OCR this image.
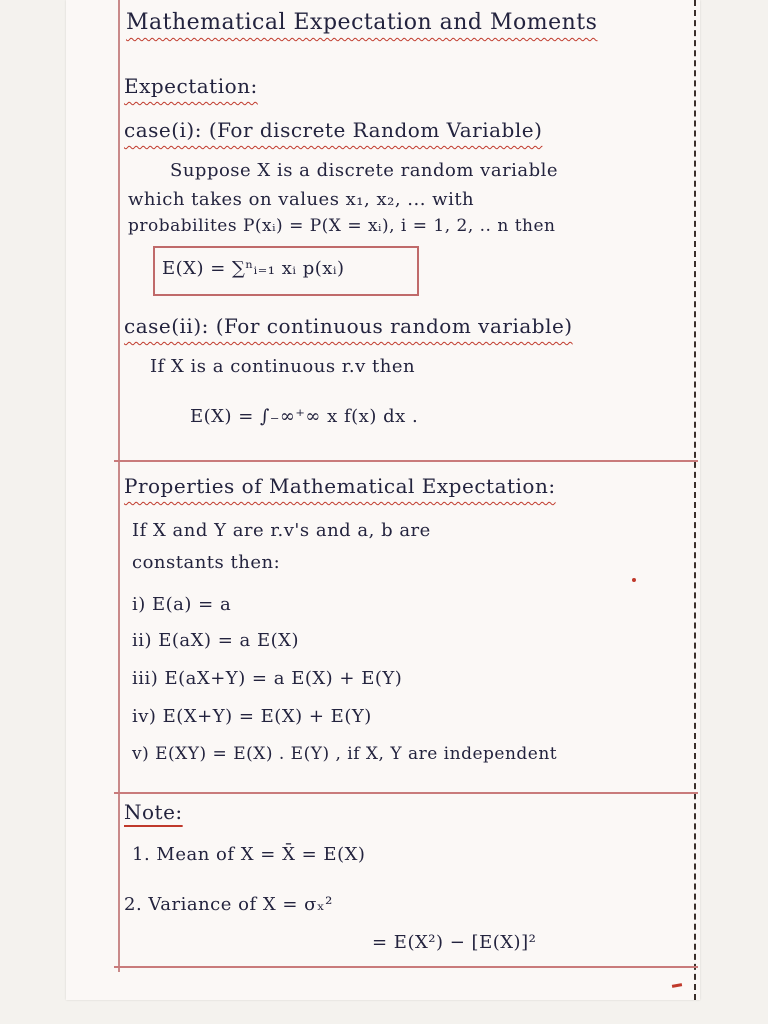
Mathematical Expectation and Moments
Expectation:
case(i): (For discrete Random Variable)
Suppose X is a discrete random variable
which takes on values x₁, x₂, ... with
probabilites P(xᵢ) = P(X = xᵢ), i = 1, 2, .. n then
E(X) = ∑ⁿᵢ₌₁ xᵢ p(xᵢ)
case(ii): (For continuous random variable)
If X is a continuous r.v then
E(X) = ∫₋∞⁺∞ x f(x) dx .
Properties of Mathematical Expectation:
If X and Y are r.v's and a, b are
constants then:
i) E(a) = a
ii) E(aX) = a E(X)
iii) E(aX+Y) = a E(X) + E(Y)
iv) E(X+Y) = E(X) + E(Y)
v) E(XY) = E(X) . E(Y) , if X, Y are independent
Note:
1. Mean of X = X̄ = E(X)
2. Variance of X = σₓ²
= E(X²) − [E(X)]²
